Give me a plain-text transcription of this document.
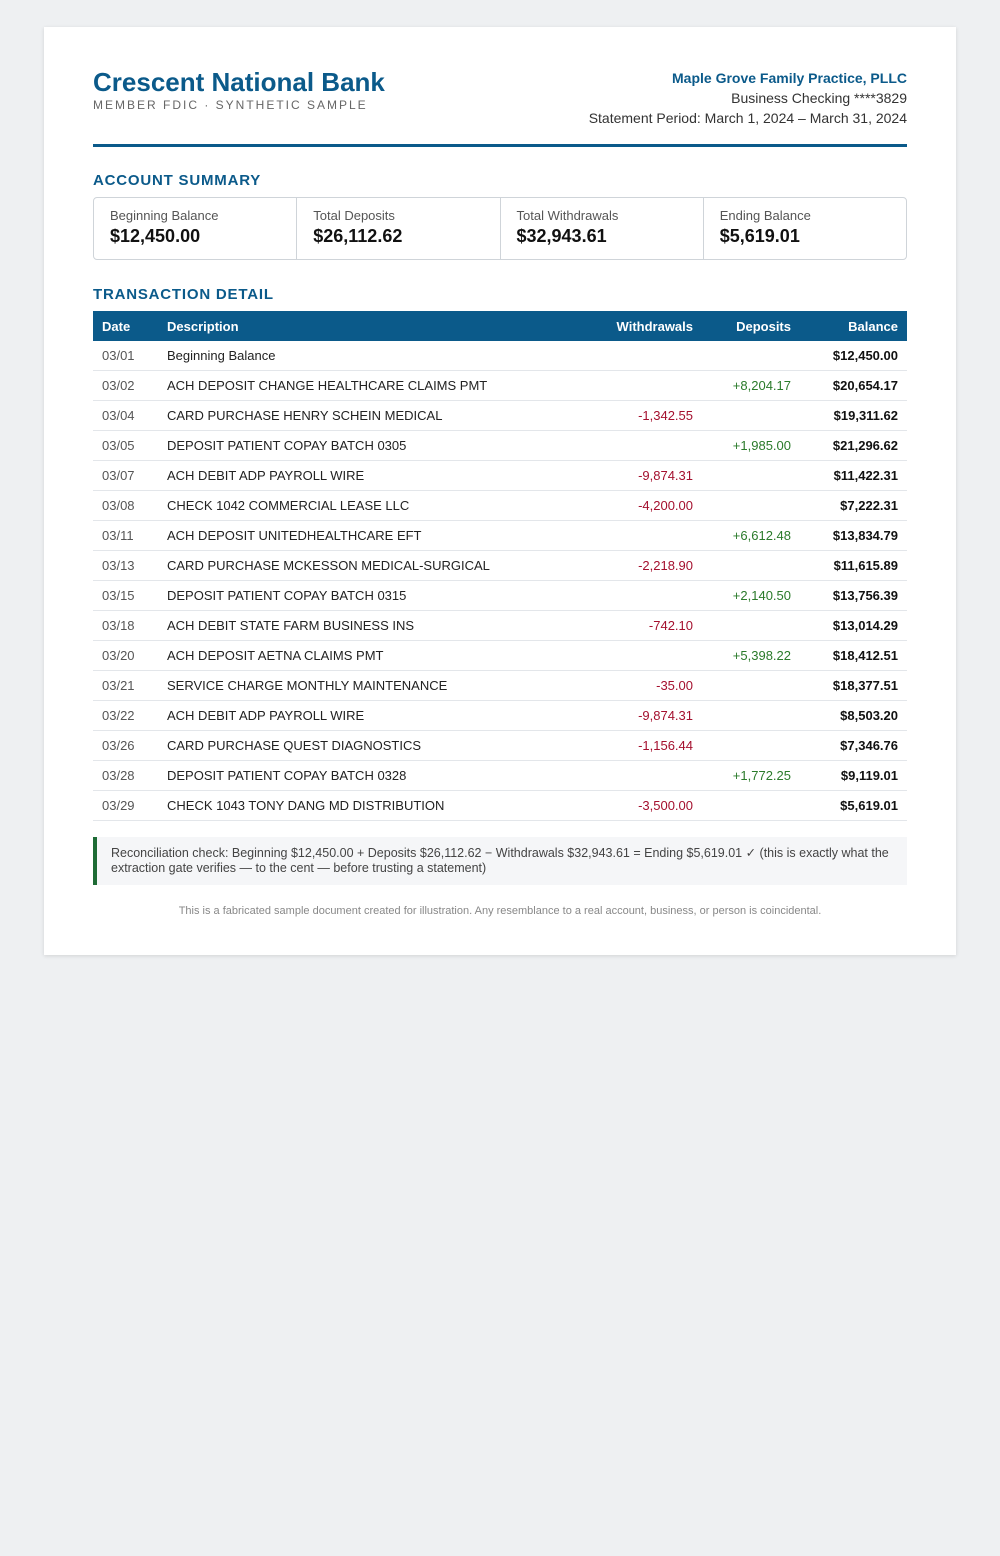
Crescent National Bank
MEMBER FDIC · SYNTHETIC SAMPLE
Maple Grove Family Practice, PLLC
Business Checking ****3829
Statement Period: March 1, 2024 – March 31, 2024
ACCOUNT SUMMARY
Beginning Balance
$12,450.00
Total Deposits
$26,112.62
Total Withdrawals
$32,943.61
Ending Balance
$5,619.01
TRANSACTION DETAIL
Date	Description	Withdrawals	Deposits	Balance
03/01	Beginning Balance			$12,450.00
03/02	ACH DEPOSIT CHANGE HEALTHCARE CLAIMS PMT		+8,204.17	$20,654.17
03/04	CARD PURCHASE HENRY SCHEIN MEDICAL	-1,342.55		$19,311.62
03/05	DEPOSIT PATIENT COPAY BATCH 0305		+1,985.00	$21,296.62
03/07	ACH DEBIT ADP PAYROLL WIRE	-9,874.31		$11,422.31
03/08	CHECK 1042 COMMERCIAL LEASE LLC	-4,200.00		$7,222.31
03/11	ACH DEPOSIT UNITEDHEALTHCARE EFT		+6,612.48	$13,834.79
03/13	CARD PURCHASE MCKESSON MEDICAL-SURGICAL	-2,218.90		$11,615.89
03/15	DEPOSIT PATIENT COPAY BATCH 0315		+2,140.50	$13,756.39
03/18	ACH DEBIT STATE FARM BUSINESS INS	-742.10		$13,014.29
03/20	ACH DEPOSIT AETNA CLAIMS PMT		+5,398.22	$18,412.51
03/21	SERVICE CHARGE MONTHLY MAINTENANCE	-35.00		$18,377.51
03/22	ACH DEBIT ADP PAYROLL WIRE	-9,874.31		$8,503.20
03/26	CARD PURCHASE QUEST DIAGNOSTICS	-1,156.44		$7,346.76
03/28	DEPOSIT PATIENT COPAY BATCH 0328		+1,772.25	$9,119.01
03/29	CHECK 1043 TONY DANG MD DISTRIBUTION	-3,500.00		$5,619.01
Reconciliation check: Beginning $12,450.00 + Deposits $26,112.62 − Withdrawals $32,943.61 = Ending $5,619.01 ✓ (this is exactly what the extraction gate verifies — to the cent — before trusting a statement)
This is a fabricated sample document created for illustration. Any resemblance to a real account, business, or person is coincidental.
